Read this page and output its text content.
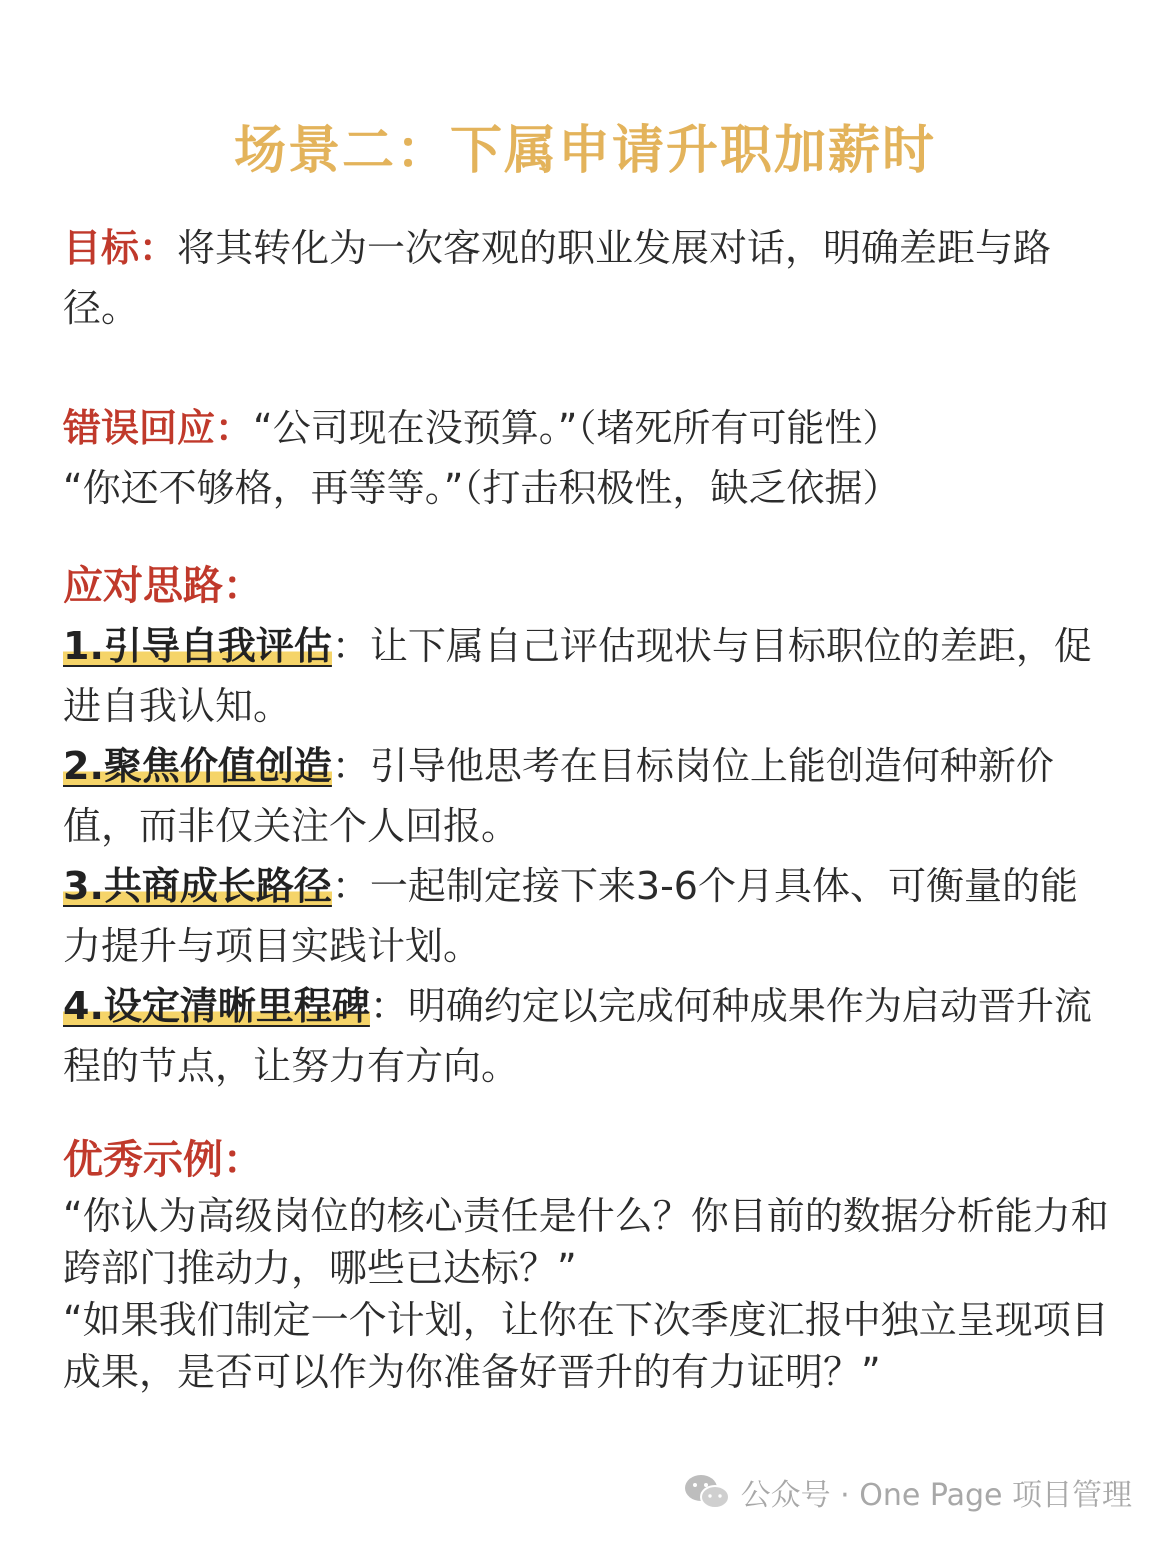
场景二：下属申请升职加薪时
目标：将其转化为一次客观的职业发展对话，明确差距与路径。
错误回应：“公司现在没预算。”（堵死所有可能性）
“你还不够格，再等等。”（打击积极性，缺乏依据）
应对思路：
1.引导自我评估：让下属自己评估现状与目标职位的差距，促进自我认知。
2.聚焦价值创造：引导他思考在目标岗位上能创造何种新价值，而非仅关注个人回报。
3.共商成长路径：一起制定接下来3-6个月具体、可衡量的能力提升与项目实践计划。
4.设定清晰里程碑：明确约定以完成何种成果作为启动晋升流程的节点，让努力有方向。
优秀示例：
“你认为高级岗位的核心责任是什么？你目前的数据分析能力和跨部门推动力，哪些已达标？”
“如果我们制定一个计划，让你在下次季度汇报中独立呈现项目成果，是否可以作为你准备好晋升的有力证明？”
公众号 · One Page 项目管理
